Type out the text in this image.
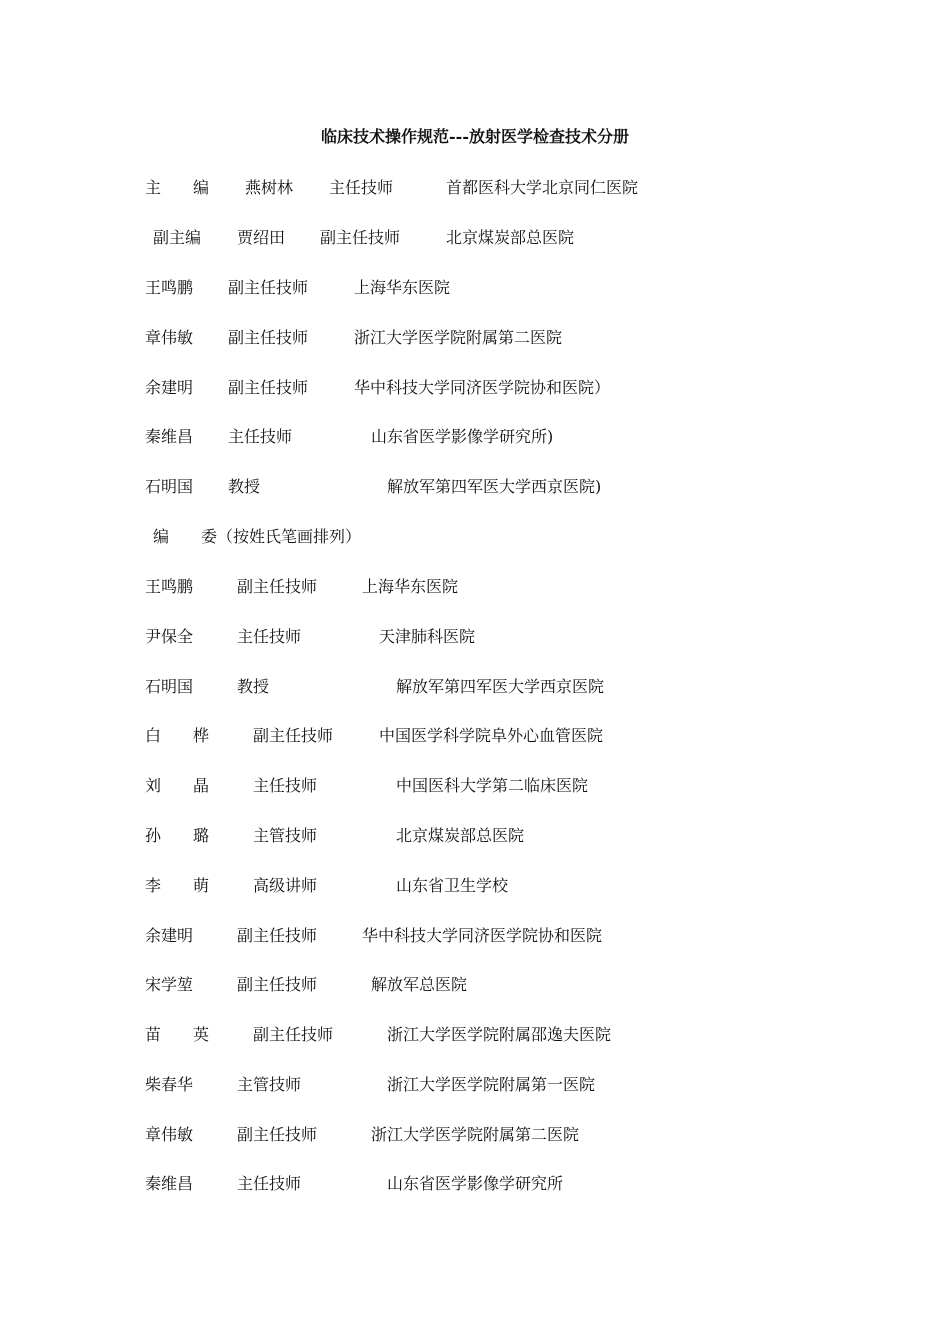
临床技术操作规范---放射医学检查技术分册
主　　编 燕树林 主任技师	首都医科大学北京同仁医院
副主编 贾绍田 副主任技师	北京煤炭部总医院
王鸣鹏 副主任技师	上海华东医院
章伟敏 副主任技师	浙江大学医学院附属第二医院
余建明 副主任技师	华中科技大学同济医学院协和医院）
秦维昌 主任技师	山东省医学影像学研究所)
石明国 教授	解放军第四军医大学西京医院)
编　　委（按姓氏笔画排列）
王鸣鹏	副主任技师	上海华东医院
尹保全	主任技师	天津肺科医院
石明国	教授	解放军第四军医大学西京医院
白　　桦	副主任技师	中国医学科学院阜外心血管医院
刘　　晶	主任技师	中国医科大学第二临床医院
孙　　璐	主管技师	北京煤炭部总医院
李　　萌	高级讲师	山东省卫生学校
余建明	副主任技师	华中科技大学同济医学院协和医院
宋学堃	副主任技师	解放军总医院
苗　　英	副主任技师	浙江大学医学院附属邵逸夫医院
柴春华	主管技师	浙江大学医学院附属第一医院
章伟敏	副主任技师	浙江大学医学院附属第二医院
秦维昌	主任技师	山东省医学影像学研究所
